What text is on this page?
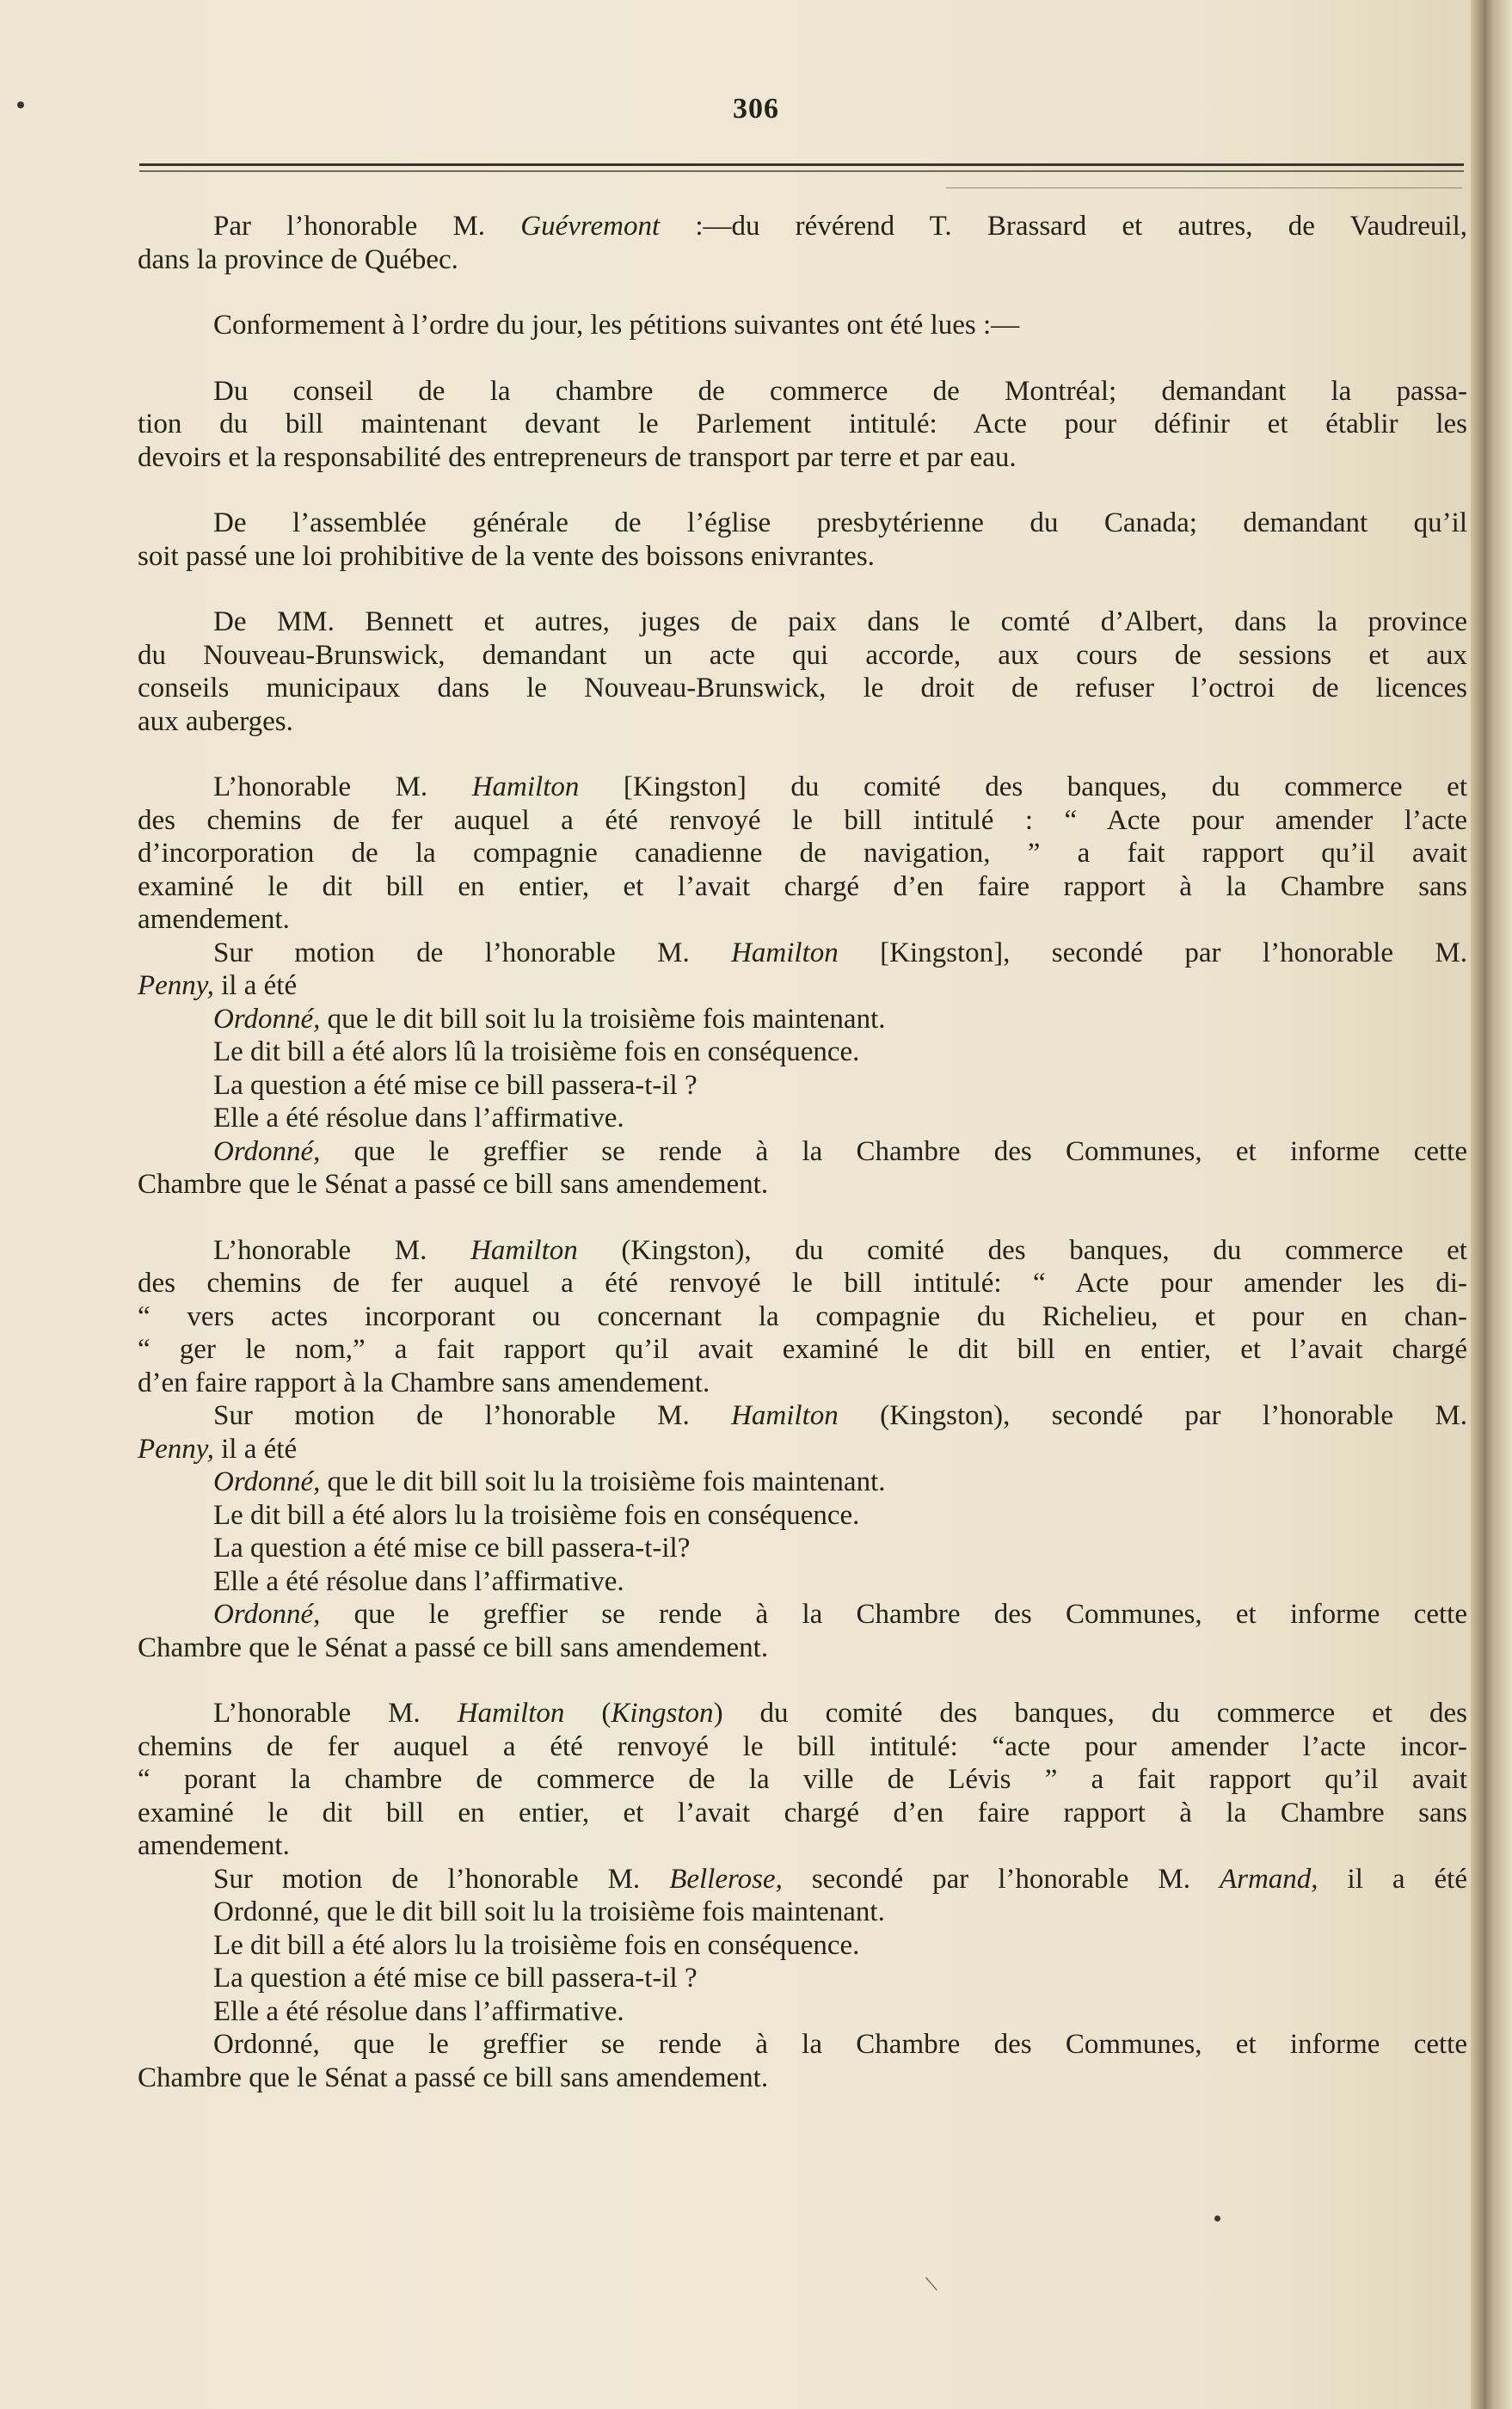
306
Par l’honorable M. Guévremont :—du révérend T. Brassard et autres, de Vaudreuil,
dans la province de Québec.
Conformement à l’ordre du jour, les pétitions suivantes ont été lues :—
Du conseil de la chambre de commerce de Montréal; demandant la passa-
tion du bill maintenant devant le Parlement intitulé: Acte pour définir et établir les
devoirs et la responsabilité des entrepreneurs de transport par terre et par eau.
De l’assemblée générale de l’église presbytérienne du Canada; demandant qu’il
soit passé une loi prohibitive de la vente des boissons enivrantes.
De MM. Bennett et autres, juges de paix dans le comté d’Albert, dans la province
du Nouveau-Brunswick, demandant un acte qui accorde, aux cours de sessions et aux
conseils municipaux dans le Nouveau-Brunswick, le droit de refuser l’octroi de licences
aux auberges.
L’honorable M. Hamilton [Kingston] du comité des banques, du commerce et
des chemins de fer auquel a été renvoyé le bill intitulé : “ Acte pour amender l’acte
d’incorporation de la compagnie canadienne de navigation, ” a fait rapport qu’il avait
examiné le dit bill en entier, et l’avait chargé d’en faire rapport à la Chambre sans
amendement.
Sur motion de l’honorable M. Hamilton [Kingston], secondé par l’honorable M.
Penny, il a été
Ordonné, que le dit bill soit lu la troisième fois maintenant.
Le dit bill a été alors lû la troisième fois en conséquence.
La question a été mise ce bill passera-t-il ?
Elle a été résolue dans l’affirmative.
Ordonné, que le greffier se rende à la Chambre des Communes, et informe cette
Chambre que le Sénat a passé ce bill sans amendement.
L’honorable M. Hamilton (Kingston), du comité des banques, du commerce et
des chemins de fer auquel a été renvoyé le bill intitulé: “ Acte pour amender les di-
“ vers actes incorporant ou concernant la compagnie du Richelieu, et pour en chan-
“ ger le nom,” a fait rapport qu’il avait examiné le dit bill en entier, et l’avait chargé
d’en faire rapport à la Chambre sans amendement.
Sur motion de l’honorable M. Hamilton (Kingston), secondé par l’honorable M.
Penny, il a été
Ordonné, que le dit bill soit lu la troisième fois maintenant.
Le dit bill a été alors lu la troisième fois en conséquence.
La question a été mise ce bill passera-t-il?
Elle a été résolue dans l’affirmative.
Ordonné, que le greffier se rende à la Chambre des Communes, et informe cette
Chambre que le Sénat a passé ce bill sans amendement.
L’honorable M. Hamilton (Kingston) du comité des banques, du commerce et des
chemins de fer auquel a été renvoyé le bill intitulé: “acte pour amender l’acte incor-
“ porant la chambre de commerce de la ville de Lévis ” a fait rapport qu’il avait
examiné le dit bill en entier, et l’avait chargé d’en faire rapport à la Chambre sans
amendement.
Sur motion de l’honorable M. Bellerose, secondé par l’honorable M. Armand, il a été
Ordonné, que le dit bill soit lu la troisième fois maintenant.
Le dit bill a été alors lu la troisième fois en conséquence.
La question a été mise ce bill passera-t-il ?
Elle a été résolue dans l’affirmative.
Ordonné, que le greffier se rende à la Chambre des Communes, et informe cette
Chambre que le Sénat a passé ce bill sans amendement.
/
